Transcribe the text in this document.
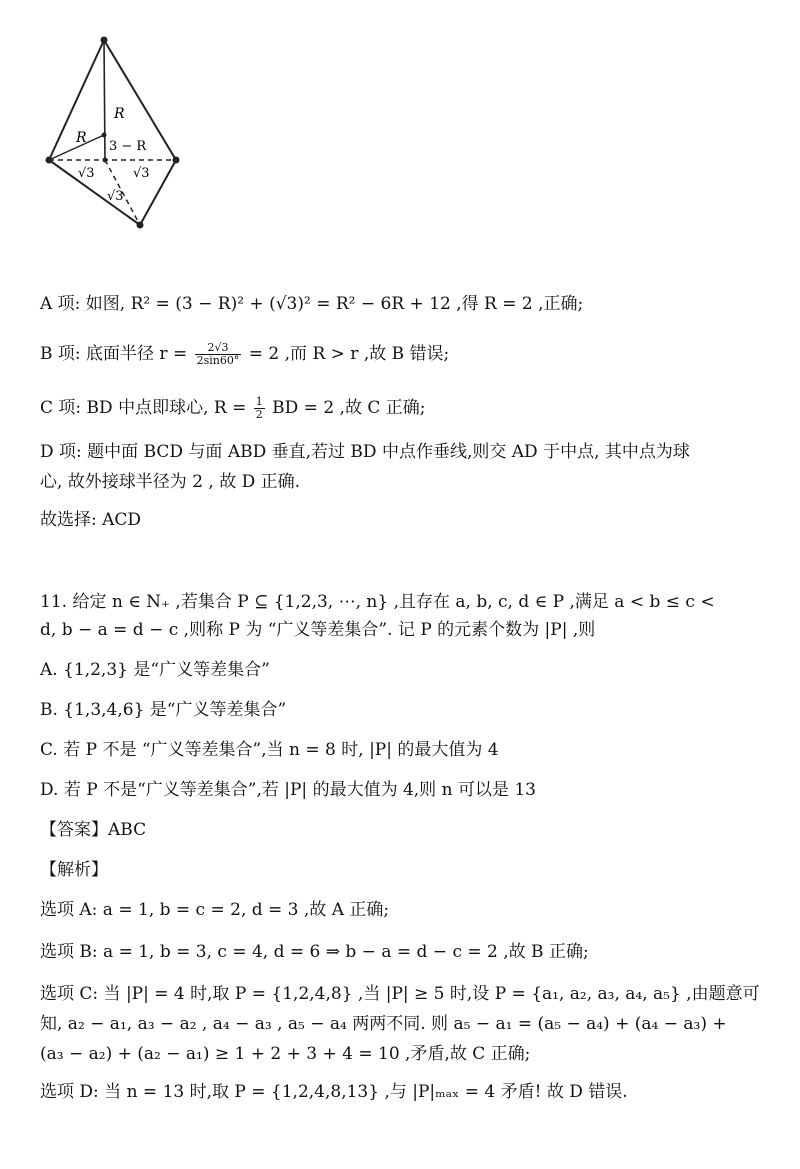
R
R
3 − R
√3	√3
√3
A 项: 如图, R² = (3 − R)² + (√3)² = R² − 6R + 12 ,得 R = 2 ,正确;
B 项: 底面半径 $r = \frac{2√3}{2\sin 60^\circ} = 2$ ,而 R > r ,故 B 错误;
C 项: BD 中点即球心, $R = \frac{1}{2}$ BD = 2 ,故 C 正确;
D 项: 题中面 BCD 与面 ABD 垂直,若过 BD 中点作垂线,则交 AD 于中点, 其中点为球
心, 故外接球半径为 2 , 故 D 正确.
故选择: ACD
11. 给定 n ∈ N₊ ,若集合 P ⊆ {1,2,3, ⋯, n} ,且存在 a, b, c, d ∈ P ,满足 a < b ≤ c <
d, b − a = d − c ,则称 P 为 “广义等差集合”. 记 P 的元素个数为 |P| ,则
A. {1,2,3} 是“广义等差集合”
B. {1,3,4,6} 是“广义等差集合”
C. 若 P 不是 “广义等差集合”,当 n = 8 时, |P| 的最大值为 4
D. 若 P 不是“广义等差集合”,若 |P| 的最大值为 4,则 n 可以是 13
【答案】ABC
【解析】
选项 A: a = 1, b = c = 2, d = 3 ,故 A 正确;
选项 B: a = 1, b = 3, c = 4, d = 6 ⇒ b − a = d − c = 2 ,故 B 正确;
选项 C: 当 |P| = 4 时,取 P = {1,2,4,8} ,当 |P| ≥ 5 时,设 P = {a₁, a₂, a₃, a₄, a₅} ,由题意可
知, a₂ − a₁, a₃ − a₂ , a₄ − a₃ , a₅ − a₄ 两两不同. 则 a₅ − a₁ = (a₅ − a₄) + (a₄ − a₃) +
(a₃ − a₂) + (a₂ − a₁) ≥ 1 + 2 + 3 + 4 = 10 ,矛盾,故 C 正确;
选项 D: 当 n = 13 时,取 P = {1,2,4,8,13} ,与 |P|ₘₐₓ = 4 矛盾! 故 D 错误.
